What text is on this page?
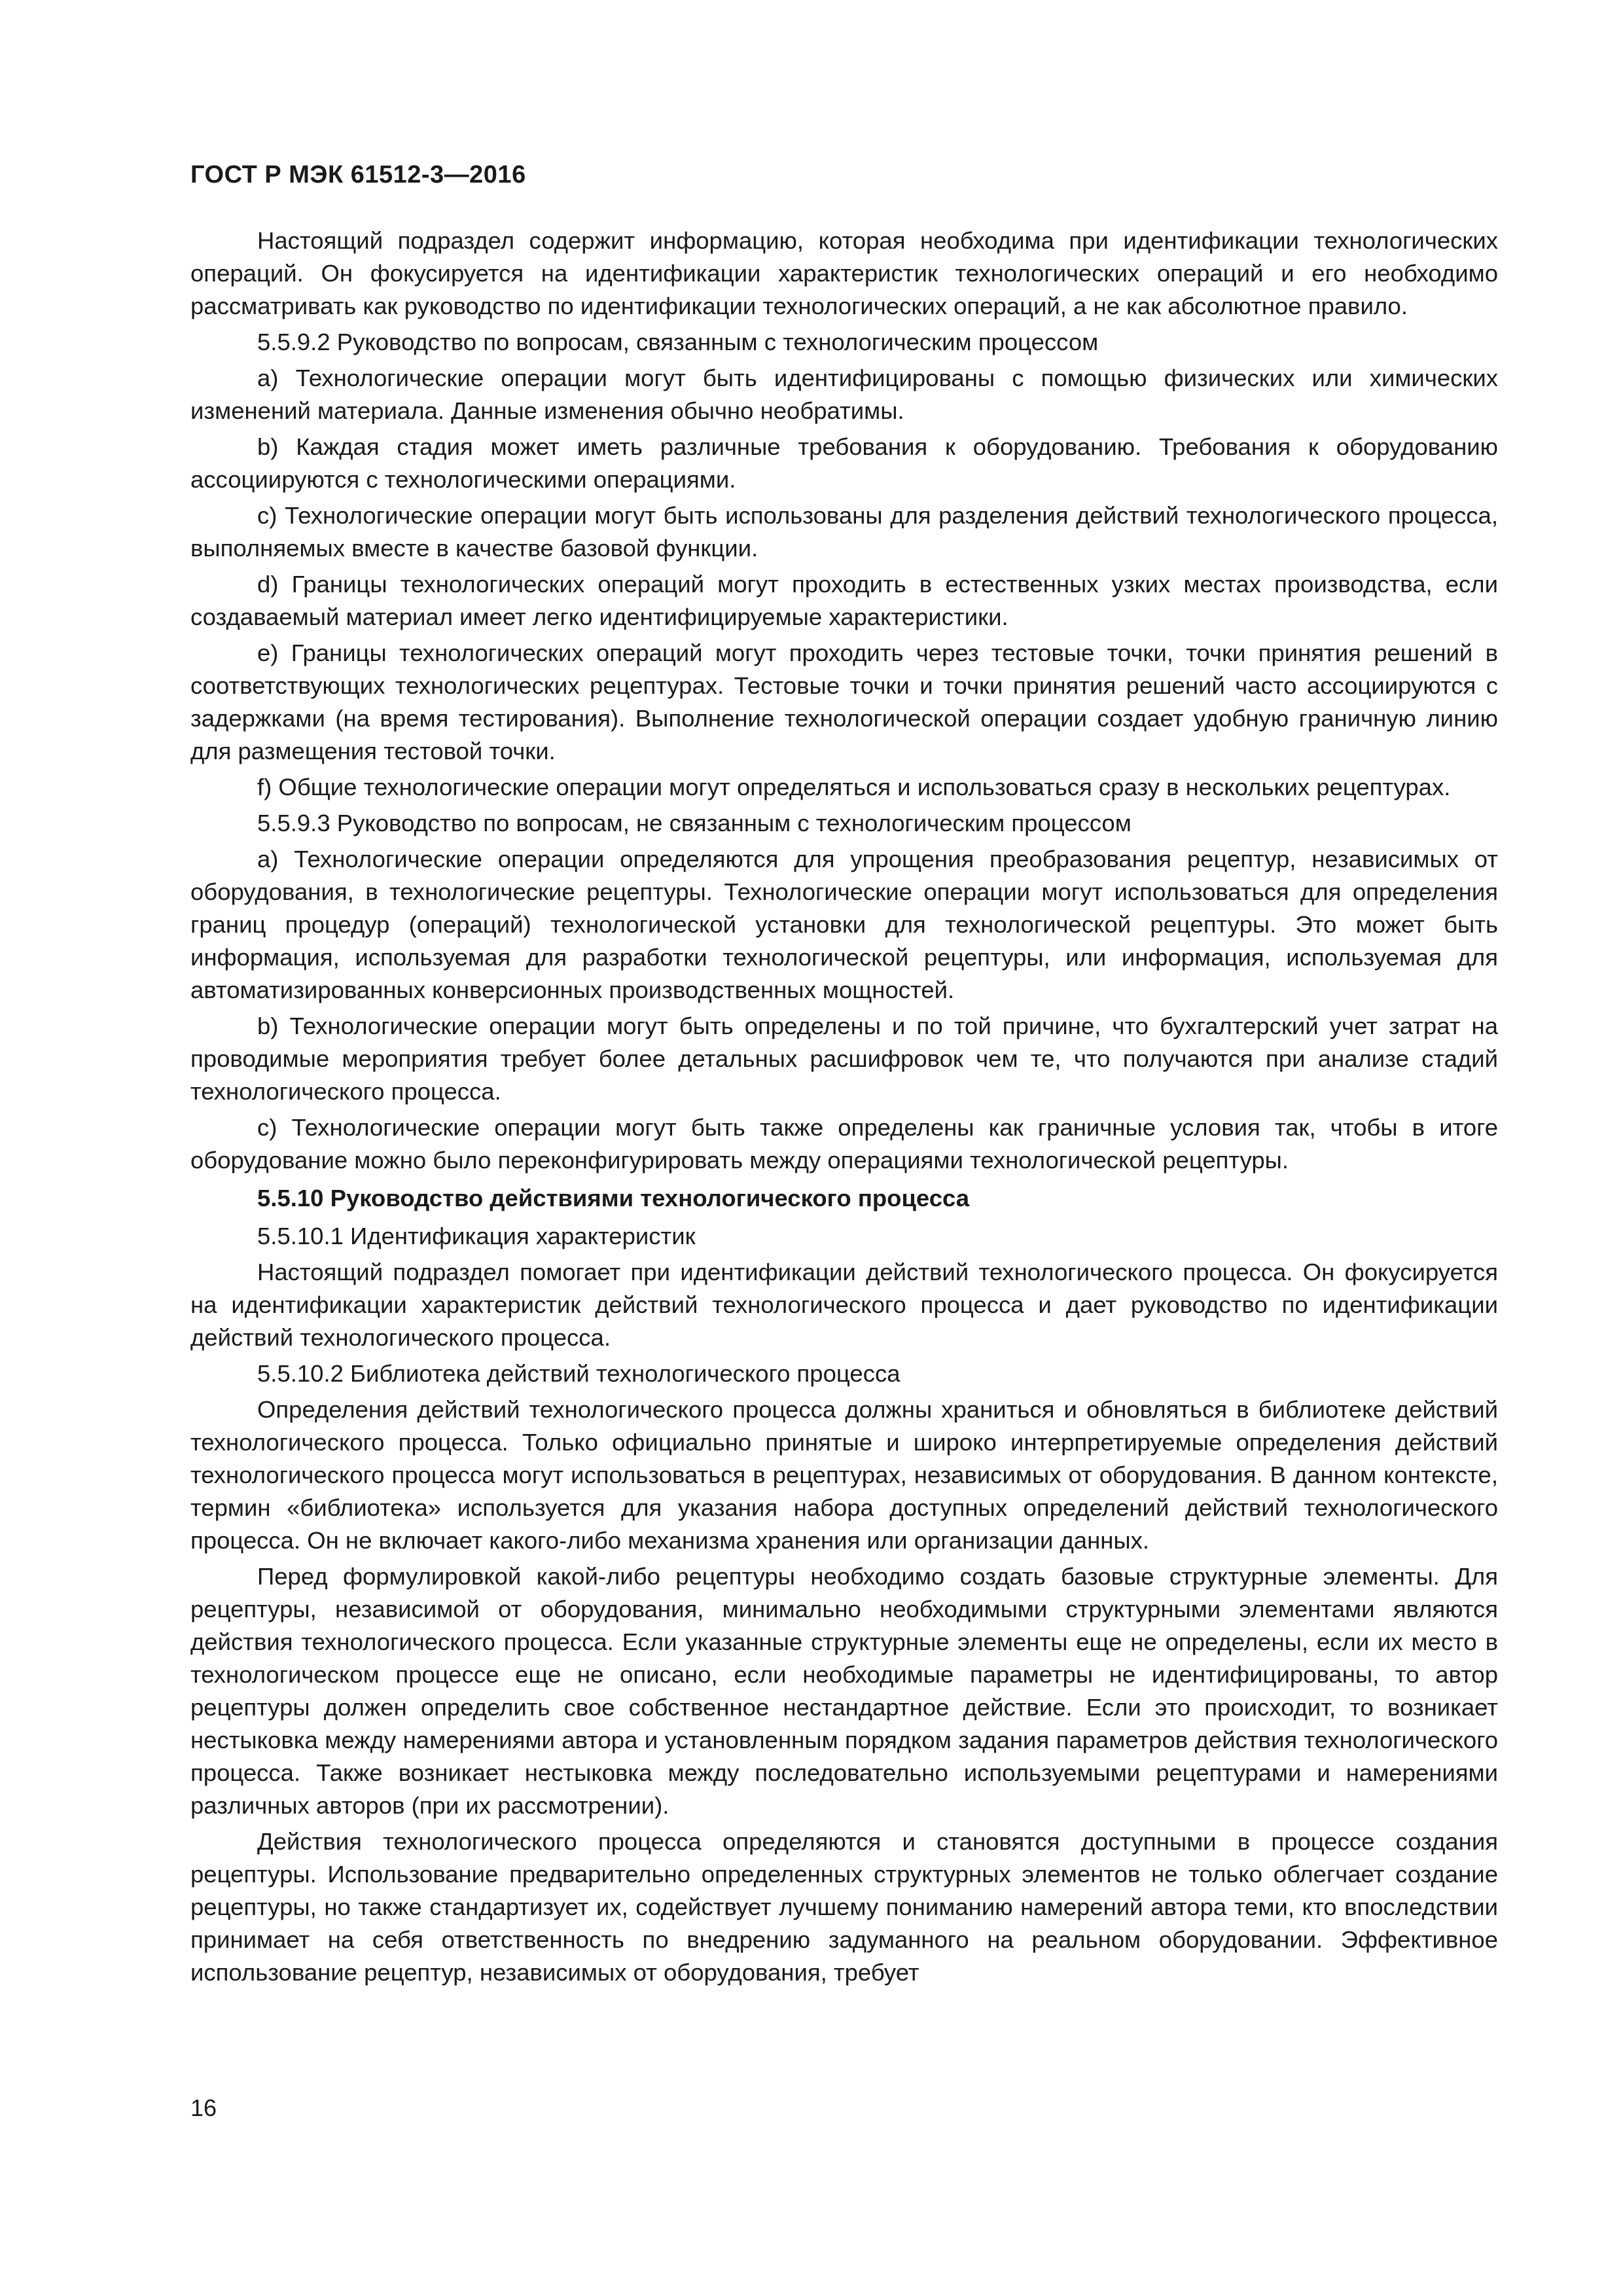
ГОСТ Р МЭК 61512-3—2016

Настоящий подраздел содержит информацию, которая необходима при идентификации технологических операций. Он фокусируется на идентификации характеристик технологических операций и его необходимо рассматривать как руководство по идентификации технологических операций, а не как абсолютное правило.

5.5.9.2 Руководство по вопросам, связанным с технологическим процессом

a) Технологические операции могут быть идентифицированы с помощью физических или химических изменений материала. Данные изменения обычно необратимы.

b) Каждая стадия может иметь различные требования к оборудованию. Требования к оборудованию ассоциируются с технологическими операциями.

c) Технологические операции могут быть использованы для разделения действий технологического процесса, выполняемых вместе в качестве базовой функции.

d) Границы технологических операций могут проходить в естественных узких местах производства, если создаваемый материал имеет легко идентифицируемые характеристики.

e) Границы технологических операций могут проходить через тестовые точки, точки принятия решений в соответствующих технологических рецептурах. Тестовые точки и точки принятия решений часто ассоциируются с задержками (на время тестирования). Выполнение технологической операции создает удобную граничную линию для размещения тестовой точки.

f) Общие технологические операции могут определяться и использоваться сразу в нескольких рецептурах.

5.5.9.3 Руководство по вопросам, не связанным с технологическим процессом

a) Технологические операции определяются для упрощения преобразования рецептур, независимых от оборудования, в технологические рецептуры. Технологические операции могут использоваться для определения границ процедур (операций) технологической установки для технологической рецептуры. Это может быть информация, используемая для разработки технологической рецептуры, или информация, используемая для автоматизированных конверсионных производственных мощностей.

b) Технологические операции могут быть определены и по той причине, что бухгалтерский учет затрат на проводимые мероприятия требует более детальных расшифровок чем те, что получаются при анализе стадий технологического процесса.

c) Технологические операции могут быть также определены как граничные условия так, чтобы в итоге оборудование можно было переконфигурировать между операциями технологической рецептуры.

5.5.10 Руководство действиями технологического процесса

5.5.10.1 Идентификация характеристик

Настоящий подраздел помогает при идентификации действий технологического процесса. Он фокусируется на идентификации характеристик действий технологического процесса и дает руководство по идентификации действий технологического процесса.

5.5.10.2 Библиотека действий технологического процесса

Определения действий технологического процесса должны храниться и обновляться в библиотеке действий технологического процесса. Только официально принятые и широко интерпретируемые определения действий технологического процесса могут использоваться в рецептурах, независимых от оборудования. В данном контексте, термин «библиотека» используется для указания набора доступных определений действий технологического процесса. Он не включает какого-либо механизма хранения или организации данных.

Перед формулировкой какой-либо рецептуры необходимо создать базовые структурные элементы. Для рецептуры, независимой от оборудования, минимально необходимыми структурными элементами являются действия технологического процесса. Если указанные структурные элементы еще не определены, если их место в технологическом процессе еще не описано, если необходимые параметры не идентифицированы, то автор рецептуры должен определить свое собственное нестандартное действие. Если это происходит, то возникает нестыковка между намерениями автора и установленным порядком задания параметров действия технологического процесса. Также возникает нестыковка между последовательно используемыми рецептурами и намерениями различных авторов (при их рассмотрении).

Действия технологического процесса определяются и становятся доступными в процессе создания рецептуры. Использование предварительно определенных структурных элементов не только облегчает создание рецептуры, но также стандартизует их, содействует лучшему пониманию намерений автора теми, кто впоследствии принимает на себя ответственность по внедрению задуманного на реальном оборудовании. Эффективное использование рецептур, независимых от оборудования, требует

16
